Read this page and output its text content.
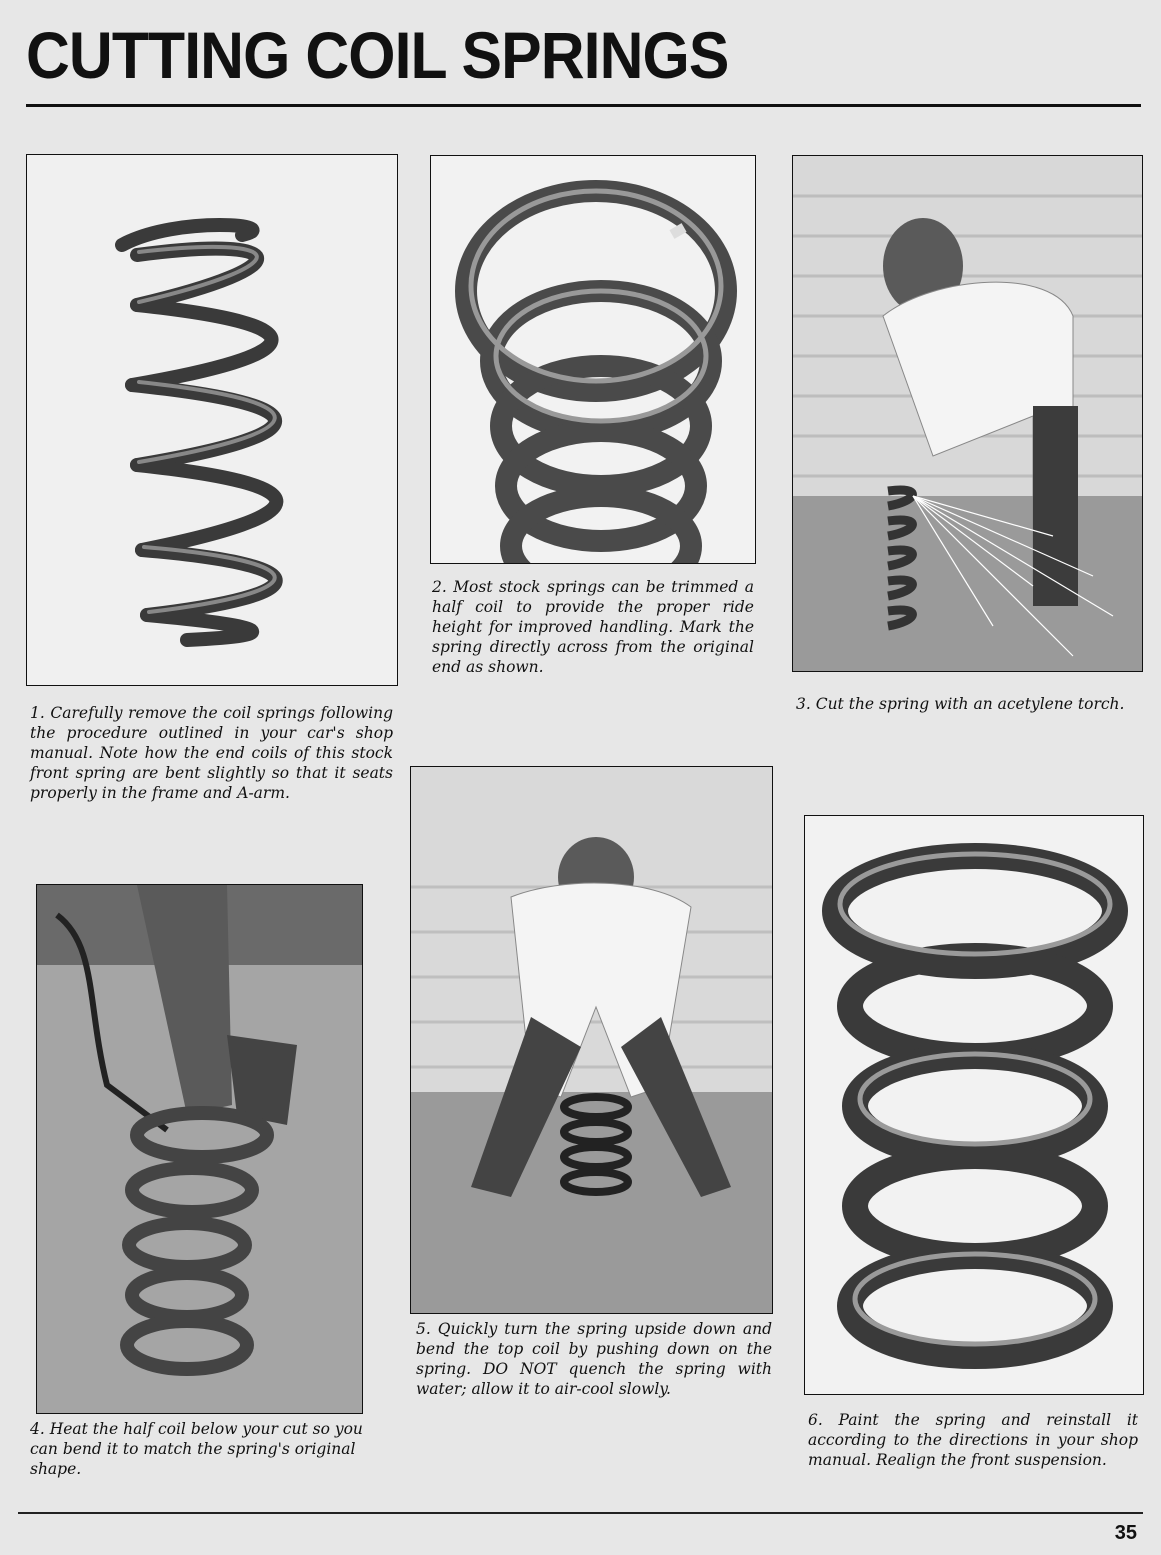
CUTTING COIL SPRINGS
1. Carefully remove the coil springs following the procedure outlined in your car's shop manual. Note how the end coils of this stock front spring are bent slightly so that it seats properly in the frame and A-arm.
2. Most stock springs can be trimmed a half coil to provide the proper ride height for improved handling. Mark the spring directly across from the original end as shown.
3. Cut the spring with an acetylene torch.
4. Heat the half coil below your cut so you can bend it to match the spring's original shape.
5. Quickly turn the spring upside down and bend the top coil by pushing down on the spring. DO NOT quench the spring with water; allow it to air-cool slowly.
6. Paint the spring and reinstall it according to the directions in your shop manual. Realign the front suspension.
35
